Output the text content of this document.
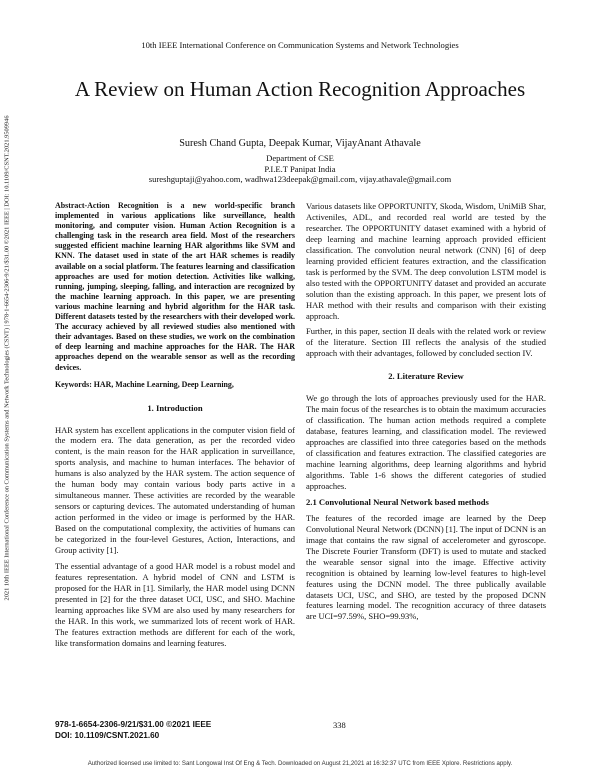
10th IEEE International Conference on Communication Systems and Network Technologies
2021 10th IEEE International Conference on Communication Systems and Network Technologies (CSNT) | 978-1-6654-2306-9/21/$31.00 ©2021 IEEE | DOI: 10.1109/CSNT.2021.9509946
A Review on Human Action Recognition Approaches
Suresh Chand Gupta, Deepak Kumar, VijayAnant Athavale
Department of CSE
P.I.E.T Panipat India
sureshguptaji@yahoo.com, wadhwa123deepak@gmail.com, vijay.athavale@gmail.com

Abstract-Action Recognition is a new world-specific branch implemented in various applications like surveillance, health monitoring, and computer vision. Human Action Recognition is a challenging task in the research area field. Most of the researchers suggested efficient machine learning HAR algorithms like SVM and KNN. The dataset used in state of the art HAR schemes is readily available on a social platform. The features learning and classification approaches are used for motion detection. Activities like walking, running, jumping, sleeping, falling, and interaction are recognized by the machine learning approach. In this paper, we are presenting various machine learning and hybrid algorithm for the HAR task. Different datasets tested by the researchers with their developed work. The accuracy achieved by all reviewed studies also mentioned with their advantages. Based on these studies, we work on the combination of deep learning and machine approaches for the HAR. The HAR approaches depend on the wearable sensor as well as the recording devices.

Keywords: HAR, Machine Learning, Deep Learning,

1. Introduction

HAR system has excellent applications in the computer vision field of the modern era. The data generation, as per the recorded video content, is the main reason for the HAR application in surveillance, sports analysis, and machine to human interfaces. The behavior of humans is also analyzed by the HAR system. The action sequence of the human body may contain various body parts active in a simultaneous manner. These activities are recorded by the wearable sensors or capturing devices. The automated understanding of human action performed in the video or image is performed by the HAR. Based on the computational complexity, the activities of humans can be categorized in the four-level Gestures, Action, Interactions, and Group activity [1].

The essential advantage of a good HAR model is a robust model and features representation. A hybrid model of CNN and LSTM is proposed for the HAR in [1]. Similarly, the HAR model using DCNN presented in [2] for the three dataset UCI, USC, and SHO. Machine learning approaches like SVM are also used by many researchers for the HAR. In this work, we summarized lots of recent work of HAR. The features extraction methods are different for each of the work, like transformation domains and learning features.

Various datasets like OPPORTUNITY, Skoda, Wisdom, UniMiB Shar, Activeniles, ADL, and recorded real world are tested by the researcher. The OPPORTUNITY dataset examined with a hybrid of deep learning and machine learning approach provided efficient classification. The convolution neural network (CNN) [6] of deep learning provided efficient features extraction, and the classification task is performed by the SVM. The deep convolution LSTM model is also tested with the OPPORTUNITY dataset and provided an accurate solution than the existing approach. In this paper, we present lots of HAR method with their results and comparison with their existing approach.

Further, in this paper, section II deals with the related work or review of the literature. Section III reflects the analysis of the studied approach with their advantages, followed by concluded section IV.

2. Literature Review

We go through the lots of approaches previously used for the HAR. The main focus of the researches is to obtain the maximum accuracies of classification. The human action methods required a complete database, features learning, and classification model. The reviewed approaches are classified into three categories based on the methods of classification and features extraction. The classified categories are machine learning algorithms, deep learning algorithms and hybrid algorithms. Table 1-6 shows the different categories of studied approaches.

2.1 Convolutional Neural Network based methods

The features of the recorded image are learned by the Deep Convolutional Neural Network (DCNN) [1]. The input of DCNN is an image that contains the raw signal of accelerometer and gyroscope. The Discrete Fourier Transform (DFT) is used to mutate and stacked the wearable sensor signal into the image. Effective activity recognition is obtained by learning low-level features to high-level features using the DCNN model. The three publically available datasets UCI, USC, and SHO, are tested by the proposed DCNN features learning model. The recognition accuracy of three datasets are UCI=97.59%, SHO=99.93%,

978-1-6654-2306-9/21/$31.00 ©2021 IEEE
DOI: 10.1109/CSNT.2021.60
338
Authorized licensed use limited to: Sant Longowal Inst Of Eng & Tech. Downloaded on August 21,2021 at 16:32:37 UTC from IEEE Xplore. Restrictions apply.
